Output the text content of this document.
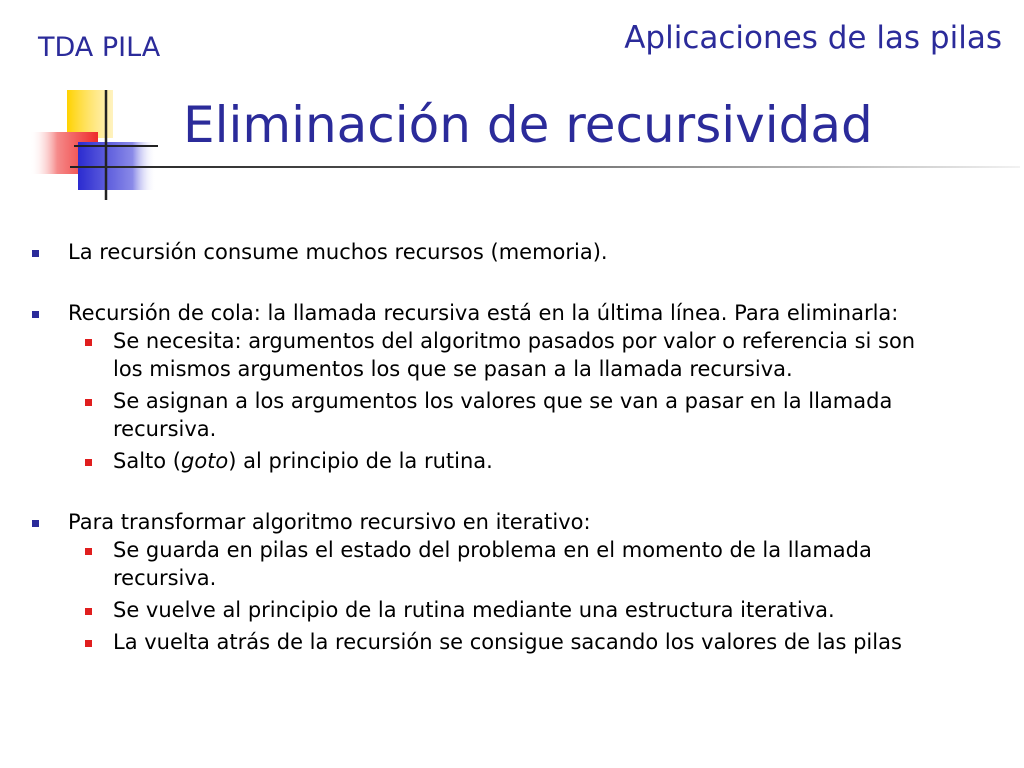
TDA PILA	Aplicaciones de las pilas
Eliminación de recursividad
La recursión consume muchos recursos (memoria).
Recursión de cola: la llamada recursiva está en la última línea. Para eliminarla:
Se necesita: argumentos del algoritmo pasados por valor o referencia si son los mismos argumentos los que se pasan a la llamada recursiva.
Se asignan a los argumentos los valores que se van a pasar en la llamada recursiva.
Salto (goto) al principio de la rutina.
Para transformar algoritmo recursivo en iterativo:
Se guarda en pilas el estado del problema en el momento de la llamada recursiva.
Se vuelve al principio de la rutina mediante una estructura iterativa.
La vuelta atrás de la recursión se consigue sacando los valores de las pilas
